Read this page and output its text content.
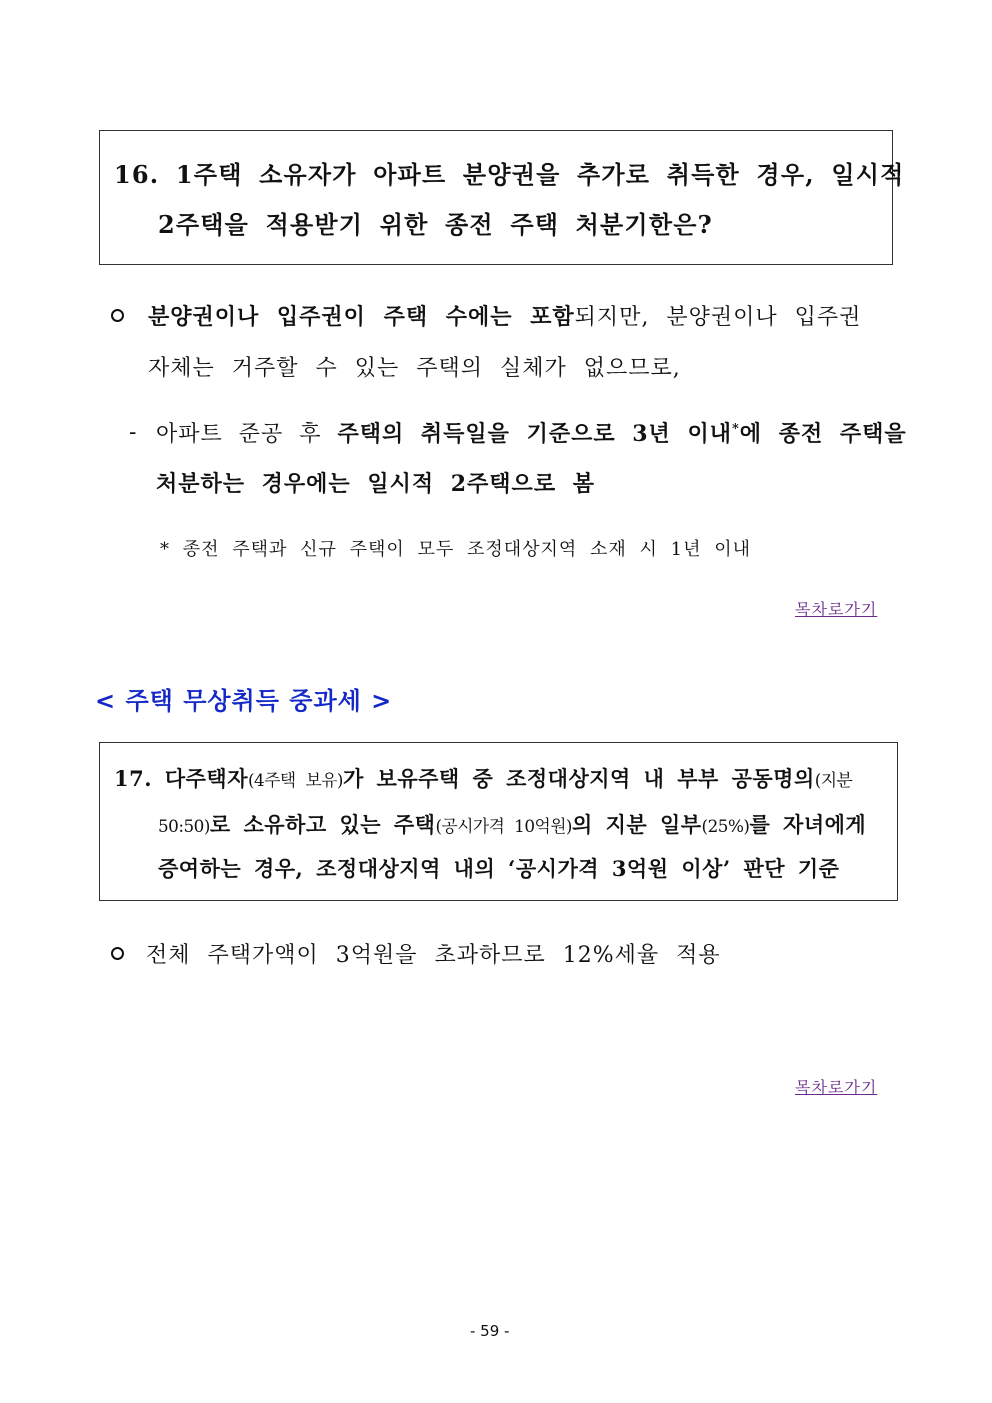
16. 1주택 소유자가 아파트 분양권을 추가로 취득한 경우, 일시적
2주택을 적용받기 위한 종전 주택 처분기한은?
분양권이나 입주권이 주택 수에는 포함되지만, 분양권이나 입주권
자체는 거주할 수 있는 주택의 실체가 없으므로,
- 아파트 준공 후 주택의 취득일을 기준으로 3년 이내*에 종전 주택을
처분하는 경우에는 일시적 2주택으로 봄
* 종전 주택과 신규 주택이 모두 조정대상지역 소재 시 1년 이내
목차로가기
< 주택 무상취득 중과세 >
17. 다주택자(4주택 보유)가 보유주택 중 조정대상지역 내 부부 공동명의(지분
50:50)로 소유하고 있는 주택(공시가격 10억원)의 지분 일부(25%)를 자녀에게
증여하는 경우, 조정대상지역 내의 ‘공시가격 3억원 이상’ 판단 기준
전체 주택가액이 3억원을 초과하므로 12%세율 적용
목차로가기
- 59 -
